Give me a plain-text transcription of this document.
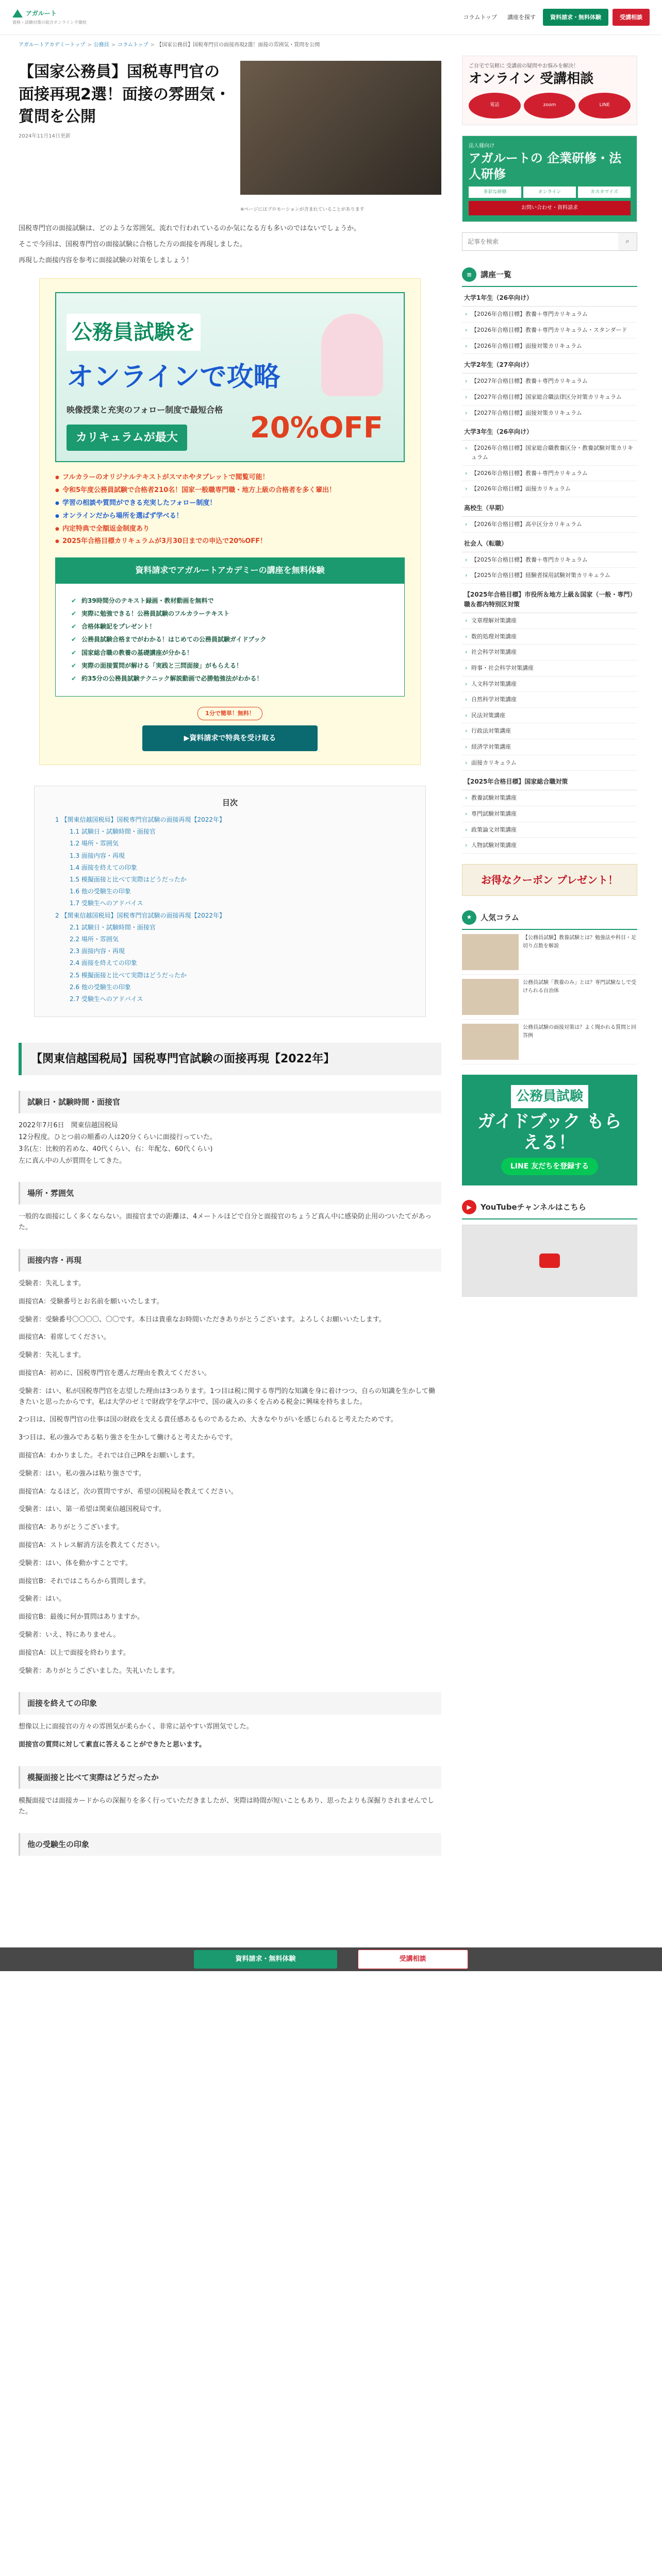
アガルート
資格・試験対策の総合オンライン予備校
コラムトップ	講座を探す	資料請求・無料体験	受講相談
アガルートアカデミートップ > 公務員 > コラムトップ > 【国家公務員】国税専門官の面接再現2選！面接の雰囲気・質問を公開
【国家公務員】国税専門官の面接再現2選！面接の雰囲気・質問を公開
2024年11月14日更新
※ページにはプロモーションが含まれていることがあります

国税専門官の面接試験は、どのような雰囲気、流れで行われているのか気になる方も多いのではないでしょうか。

そこで今回は、国税専門官の面接試験に合格した方の面接を再現しました。

再現した面接内容を参考に面接試験の対策をしましょう！

公務員試験を
オンラインで攻略
映像授業と充実のフォロー制度で最短合格
カリキュラムが最大	20%OFF
● フルカラーのオリジナルテキストがスマホやタブレットで閲覧可能！
● 令和5年度公務員試験で合格者210名！国家一般職専門職・地方上級の合格者を多く輩出！
● 学習の相談や質問ができる充実したフォロー制度！
● オンラインだから場所を選ばず学べる！
● 内定特典で全額返金制度あり
● 2025年合格目標カリキュラムが3月30日までの申込で20%OFF！
資料請求でアガルートアカデミーの講座を無料体験
✔ 約39時間分のテキスト録画・教材動画を無料で
✔ 実際に勉強できる！公務員試験のフルカラーテキスト
✔ 合格体験記をプレゼント！
✔ 公務員試験合格までがわかる！はじめての公務員試験ガイドブック
✔ 国家総合職の教養の基礎講座が分かる！
✔ 実際の面接質問が解ける「実践と三問面接」がもらえる！
✔ 約35分の公務員試験テクニック解説動画で必勝勉強法がわかる！
1分で簡単！無料！
▶資料請求で特典を受け取る
目次
1 【関東信越国税局】国税専門官試験の面接再現【2022年】
1.1 試験日・試験時間・面接官
1.2 場所・雰囲気
1.3 面接内容・再現
1.4 面接を終えての印象
1.5 模擬面接と比べて実際はどうだったか
1.6 他の受験生の印象
1.7 受験生へのアドバイス
2 【関東信越国税局】国税専門官試験の面接再現【2022年】
2.1 試験日・試験時間・面接官
2.2 場所・雰囲気
2.3 面接内容・再現
2.4 面接を終えての印象
2.5 模擬面接と比べて実際はどうだったか
2.6 他の受験生の印象
2.7 受験生へのアドバイス
【関東信越国税局】国税専門官試験の面接再現【2022年】
試験日・試験時間・面接官

2022年7月6日　関東信越国税局

12分程度。ひとつ前の順番の人は20分くらいに面接行っていた。

3名(左：比較的若めな、40代くらい、右：年配な、60代くらい)

左に真ん中の人が質問をしてきた。

場所・雰囲気

一般的な面接にしく多くならない。面接官までの距離は、4メートルほどで自分と面接官のちょうど真ん中に感染防止用のついたてがあった。

面接内容・再現

受験者：失礼します。

面接官A：受験番号とお名前を願いいたします。

受験者：受験番号〇〇〇〇、〇〇です。本日は貴重なお時間いただきありがとうございます。よろしくお願いいたします。

面接官A：着席してください。

受験者：失礼します。

面接官A：初めに、国税専門官を選んだ理由を教えてください。

受験者：はい、私が国税専門官を志望した理由は3つあります。1つ目は税に関する専門的な知識を身に着けつつ、自らの知識を生かして働きたいと思ったからです。私は大学のゼミで財政学を学ぶ中で、国の歳入の多くを占める税金に興味を持ちました。

2つ目は、国税専門官の仕事は国の財政を支える責任感あるものであるため、大きなやりがいを感じられると考えたためです。

3つ目は、私の強みである粘り強さを生かして働けると考えたからです。

面接官A：わかりました。それでは自己PRをお願いします。

受験者：はい。私の強みは粘り強さです。

面接官A：なるほど。次の質問ですが、希望の国税局を教えてください。

受験者：はい、第一希望は関東信越国税局です。

面接官A：ありがとうございます。

面接官A：ストレス解消方法を教えてください。

受験者：はい、体を動かすことです。

面接官B：それではこちらから質問します。

受験者：はい。

面接官B：最後に何か質問はありますか。

受験者：いえ、特にありません。

面接官A：以上で面接を終わります。

受験者：ありがとうございました。失礼いたします。

面接を終えての印象

想像以上に面接官の方々の雰囲気が柔らかく、非常に話やすい雰囲気でした。

面接官の質問に対して素直に答えることができたと思います。

模擬面接と比べて実際はどうだったか

模擬面接では面接カードからの深掘りを多く行っていただきましたが、実際は時間が短いこともあり、思ったよりも深掘りされませんでした。

他の受験生の印象
ご自宅で気軽に 受講前の疑問やお悩みを解決！
オンライン 受講相談
電話	zoom	LINE
法人様向け
アガルートの 企業研修・法人研修
多彩な研修	オンライン	カスタマイズ
お問い合わせ・資料請求
記事を検索
⌕
≡	講座一覧
大学1年生（26卒向け）
› 【2026年合格目標】教養＋専門カリキュラム
› 【2026年合格目標】教養＋専門カリキュラム・スタンダード
› 【2026年合格目標】面接対策カリキュラム
大学2年生（27卒向け）
› 【2027年合格目標】教養＋専門カリキュラム
› 【2027年合格目標】国家総合職法律区分対策カリキュラム
› 【2027年合格目標】面接対策カリキュラム
大学3年生（26卒向け）
› 【2026年合格目標】国家総合職教養区分・教養試験対策カリキュラム
› 【2026年合格目標】教養＋専門カリキュラム
› 【2026年合格目標】面接カリキュラム
高校生（早期）
› 【2026年合格目標】高卒区分カリキュラム
社会人（転職）
› 【2025年合格目標】教養＋専門カリキュラム
› 【2025年合格目標】経験者採用試験対策カリキュラム
【2025年合格目標】市役所＆地方上級＆国家（一般・専門）職＆都内特別区対策
› 文章理解対策講座
› 数的処理対策講座
› 社会科学対策講座
› 時事・社会科学対策講座
› 人文科学対策講座
› 自然科学対策講座
› 民法対策講座
› 行政法対策講座
› 経済学対策講座
› 面接カリキュラム
【2025年合格目標】国家総合職対策
› 教養試験対策講座
› 専門試験対策講座
› 政策論文対策講座
› 人物試験対策講座
お得なクーポン プレゼント！
★	人気コラム
【公務員試験】教養試験とは？勉強法や科目・足切り点数を解説
公務員試験「教養のみ」とは？専門試験なしで受けられる自治体
公務員試験の面接対策は？よく聞かれる質問と回答例
公務員試験
ガイドブック もらえる！
LINE 友だちを登録する
▶	YouTubeチャンネルはこちら
資料請求・無料体験	受講相談
